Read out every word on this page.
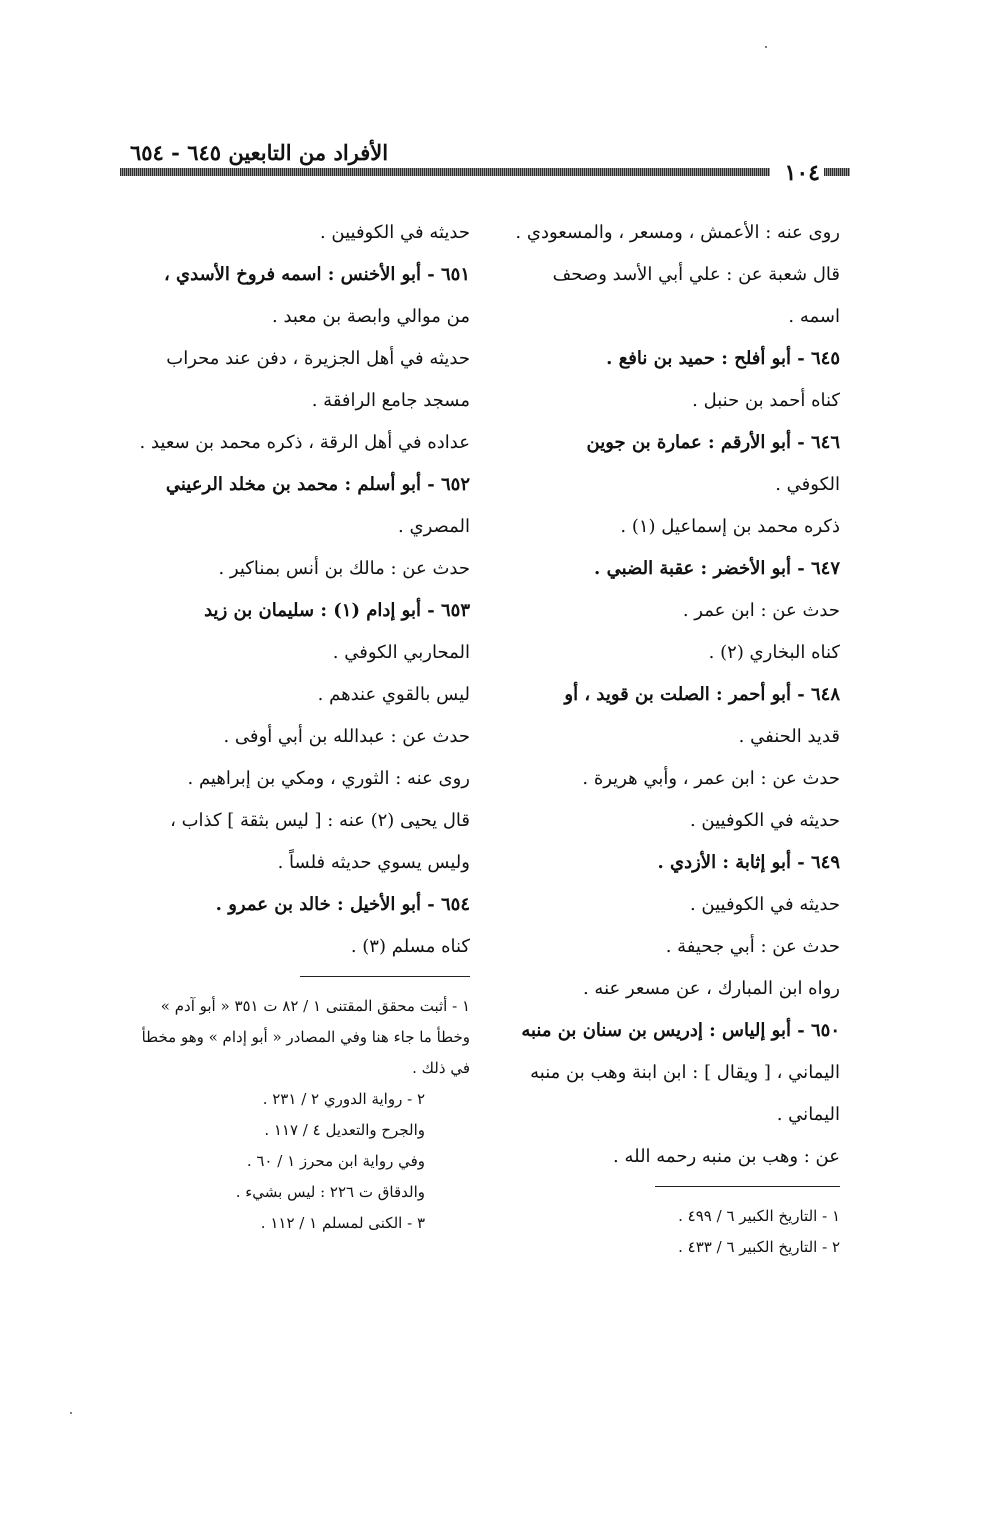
الأفراد من التابعين ٦٤٥ - ٦٥٤
١٠٤
روى عنه : الأعمش ، ومسعر ، والمسعودي .
قال شعبة عن : علي أبي الأسد وصحف
اسمه .
٦٤٥ - أبو أفلح : حميد بن نافع .
كناه أحمد بن حنبل .
٦٤٦ - أبو الأرقم : عمارة بن جوين
الكوفي .
ذكره محمد بن إسماعيل (١) .
٦٤٧ - أبو الأخضر : عقبة الضبي .
حدث عن : ابن عمر .
كناه البخاري (٢) .
٦٤٨ - أبو أحمر : الصلت بن قويد ، أو
قديد الحنفي .
حدث عن : ابن عمر ، وأبي هريرة .
حديثه في الكوفيين .
٦٤٩ - أبو إثابة : الأزدي .
حديثه في الكوفيين .
حدث عن : أبي جحيفة .
رواه ابن المبارك ، عن مسعر عنه .
٦٥٠ - أبو إلياس : إدريس بن سنان بن منبه
اليماني ، [ ويقال ] : ابن ابنة وهب بن منبه
اليماني .
عن : وهب بن منبه رحمه الله .
١ - التاريخ الكبير ٦ / ٤٩٩ .
٢ - التاريخ الكبير ٦ / ٤٣٣ .
حديثه في الكوفيين .
٦٥١ - أبو الأخنس : اسمه فروخ الأسدي ،
من موالي وابصة بن معبد .
حديثه في أهل الجزيرة ، دفن عند محراب
مسجد جامع الرافقة .
عداده في أهل الرقة ، ذكره محمد بن سعيد .
٦٥٢ - أبو أسلم : محمد بن مخلد الرعيني
المصري .
حدث عن : مالك بن أنس بمناكير .
٦٥٣ - أبو إدام (١) : سليمان بن زيد
المحاربي الكوفي .
ليس بالقوي عندهم .
حدث عن : عبدالله بن أبي أوفى .
روى عنه : الثوري ، ومكي بن إبراهيم .
قال يحيى (٢) عنه : [ ليس بثقة ] كذاب ،
وليس يسوي حديثه فلساً .
٦٥٤ - أبو الأخيل : خالد بن عمرو .
كناه مسلم (٣) .
١ - أثبت محقق المقتنى ١ / ٨٢ ت ٣٥١ « أبو آدم »
وخطأ ما جاء هنا وفي المصادر « أبو إدام » وهو مخطأ
في ذلك .
٢ - رواية الدوري ٢ / ٢٣١ .
والجرح والتعديل ٤ / ١١٧ .
وفي رواية ابن محرز ١ / ٦٠ .
والدقاق ت ٢٢٦ : ليس بشيء .
٣ - الكنى لمسلم ١ / ١١٢ .
